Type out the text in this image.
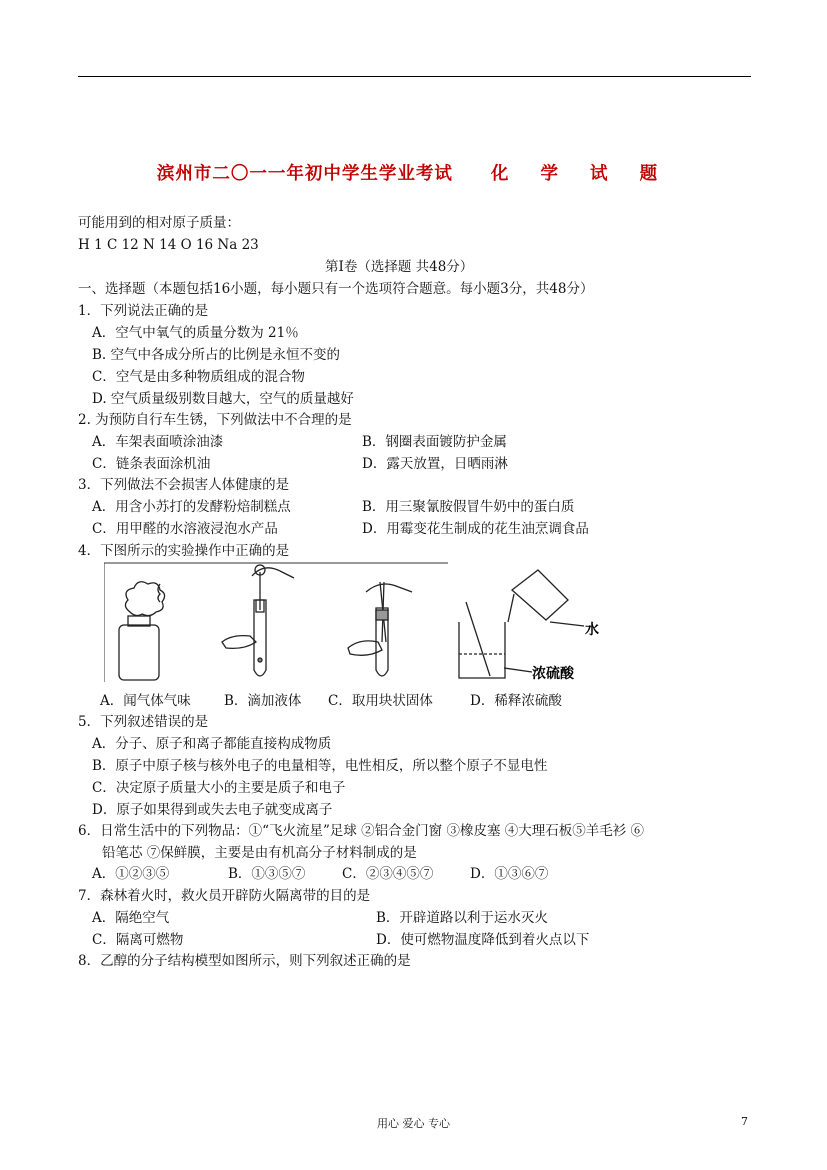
滨州市二〇一一年初中学生学业考试 化 学 试 题
可能用到的相对原子质量：
H 1 C 12 N 14 O 16 Na 23
第Ⅰ卷（选择题 共48分）
一、选择题（本题包括16小题，每小题只有一个选项符合题意。每小题3分，共48分）
1．下列说法正确的是
A．空气中氧气的质量分数为 21％
B. 空气中各成分所占的比例是永恒不变的
C．空气是由多种物质组成的混合物
D. 空气质量级别数目越大，空气的质量越好
2. 为预防自行车生锈，下列做法中不合理的是
A．车架表面喷涂油漆	B．钢圈表面镀防护金属
C．链条表面涂机油	D．露天放置，日晒雨淋
3．下列做法不会损害人体健康的是
A．用含小苏打的发酵粉焙制糕点	B．用三聚氰胺假冒牛奶中的蛋白质
C．用甲醛的水溶液浸泡水产品	D．用霉变花生制成的花生油烹调食品
4．下图所示的实验操作中正确的是
水
浓硫酸
A．闻气体气味 B．滴加液体 C．取用块状固体	D．稀释浓硫酸
5．下列叙述错误的是
A．分子、原子和离子都能直接构成物质
B．原子中原子核与核外电子的电量相等，电性相反，所以整个原子不显电性
C．决定原子质量大小的主要是质子和电子
D．原子如果得到或失去电子就变成离子
6．日常生活中的下列物品：①“飞火流星”足球 ②铝合金门窗 ③橡皮塞 ④大理石板⑤羊毛衫 ⑥
铅笔芯 ⑦保鲜膜，主要是由有机高分子材料制成的是
A．①②③⑤	B．①③⑤⑦	C．②③④⑤⑦	D．①③⑥⑦
7．森林着火时，救火员开辟防火隔离带的目的是
A．隔绝空气	B．开辟道路以利于运水灭火
C．隔离可燃物	D．使可燃物温度降低到着火点以下
8．乙醇的分子结构模型如图所示，则下列叙述正确的是
用心 爱心 专心	7
